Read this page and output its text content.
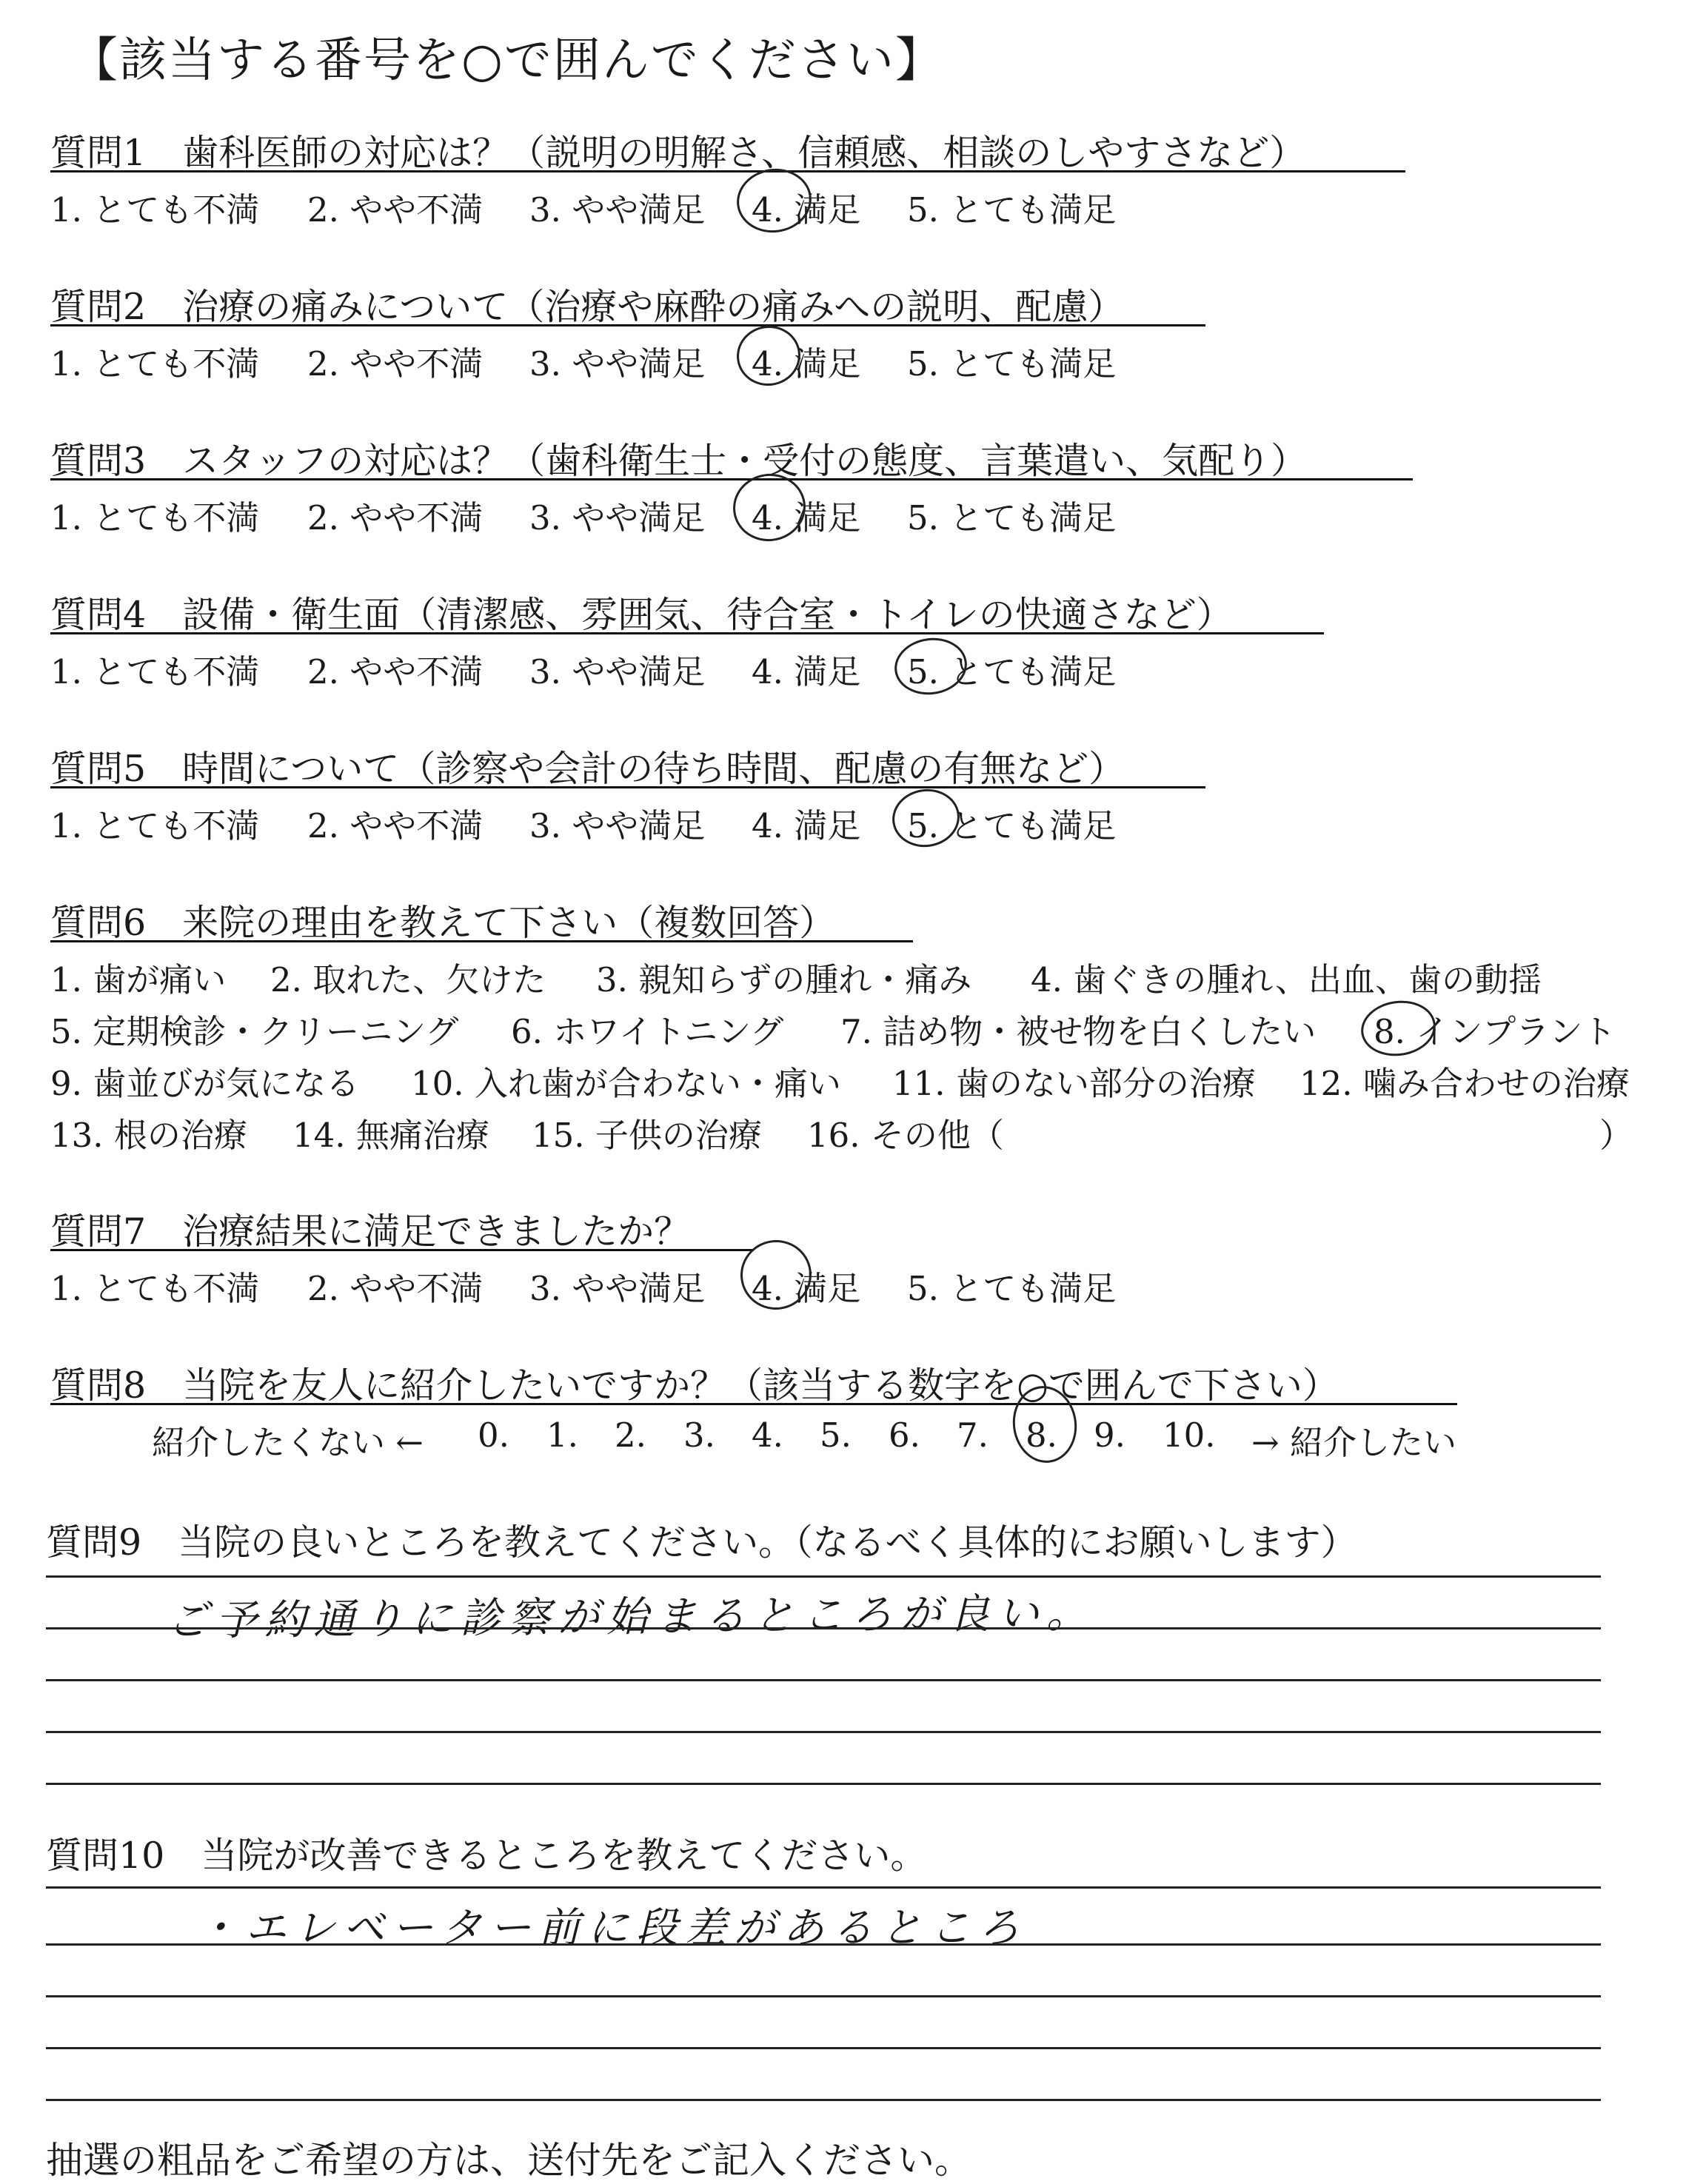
【該当する番号を○で囲んでください】
質問1　歯科医師の対応は？（説明の明解さ、信頼感、相談のしやすさなど）
1. とても不満 2. やや不満 3. やや満足 4. 満足 5. とても満足
質問2　治療の痛みについて（治療や麻酔の痛みへの説明、配慮）
1. とても不満 2. やや不満 3. やや満足 4. 満足 5. とても満足
質問3　スタッフの対応は？（歯科衛生士・受付の態度、言葉遣い、気配り）
1. とても不満 2. やや不満 3. やや満足 4. 満足 5. とても満足
質問4　設備・衛生面（清潔感、雰囲気、待合室・トイレの快適さなど）
1. とても不満 2. やや不満 3. やや満足 4. 満足 5. とても満足
質問5　時間について（診察や会計の待ち時間、配慮の有無など）
1. とても不満 2. やや不満 3. やや満足 4. 満足 5. とても満足
質問6　来院の理由を教えて下さい（複数回答）
1. 歯が痛い 2. 取れた、欠けた 3. 親知らずの腫れ・痛み 4. 歯ぐきの腫れ、出血、歯の動揺
5. 定期検診・クリーニング 6. ホワイトニング 7. 詰め物・被せ物を白くしたい 8. インプラント
9. 歯並びが気になる 10. 入れ歯が合わない・痛い 11. 歯のない部分の治療 12. 噛み合わせの治療
13. 根の治療 14. 無痛治療 15. 子供の治療 16. その他（	）
質問7　治療結果に満足できましたか？
1. とても不満 2. やや不満 3. やや満足 4. 満足 5. とても満足
質問8　当院を友人に紹介したいですか？（該当する数字を○で囲んで下さい）
紹介したくない ← 0. 1. 2. 3. 4. 5. 6. 7. 8. 9. 10. → 紹介したい
質問9　当院の良いところを教えてください。（なるべく具体的にお願いします）
ご予約通りに診察が始まるところが良い。
質問10　当院が改善できるところを教えてください。
・エレベーター前に段差があるところ
抽選の粗品をご希望の方は、送付先をご記入ください。
